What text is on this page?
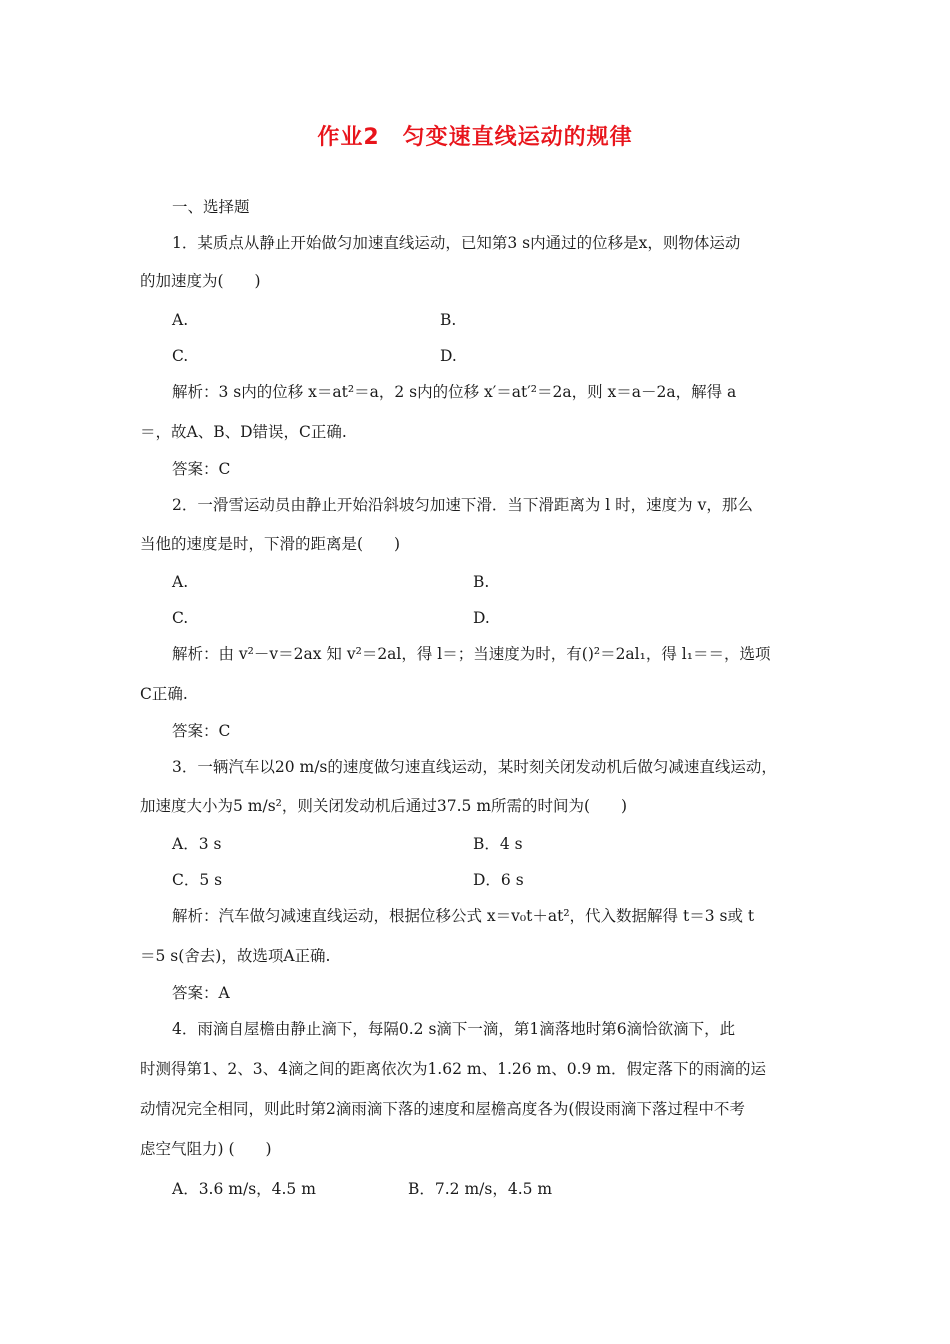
作业2　匀变速直线运动的规律
一、选择题
1．某质点从静止开始做匀加速直线运动，已知第3 s内通过的位移是x，则物体运动
的加速度为(　　)
A.	B.
C.	D.
解析：3 s内的位移 x＝at²＝a，2 s内的位移 x′＝at′²＝2a，则 x＝a－2a，解得 a
＝，故A、B、D错误，C正确.
答案：C
2．一滑雪运动员由静止开始沿斜坡匀加速下滑．当下滑距离为 l 时，速度为 v，那么
当他的速度是时，下滑的距离是(　　)
A.	B.
C.	D.
解析：由 v²－v＝2ax 知 v²＝2al，得 l＝；当速度为时，有()²＝2al₁，得 l₁＝＝，选项
C正确.
答案：C
3．一辆汽车以20 m/s的速度做匀速直线运动，某时刻关闭发动机后做匀减速直线运动，
加速度大小为5 m/s²，则关闭发动机后通过37.5 m所需的时间为(　　)
A．3 s	B．4 s
C．5 s	D．6 s
解析：汽车做匀减速直线运动，根据位移公式 x＝v₀t＋at²，代入数据解得 t＝3 s或 t
＝5 s(舍去)，故选项A正确.
答案：A
4．雨滴自屋檐由静止滴下，每隔0.2 s滴下一滴，第1滴落地时第6滴恰欲滴下，此
时测得第1、2、3、4滴之间的距离依次为1.62 m、1.26 m、0.9 m．假定落下的雨滴的运
动情况完全相同，则此时第2滴雨滴下落的速度和屋檐高度各为(假设雨滴下落过程中不考
虑空气阻力) (　　)
A．3.6 m/s，4.5 m	B．7.2 m/s，4.5 m
